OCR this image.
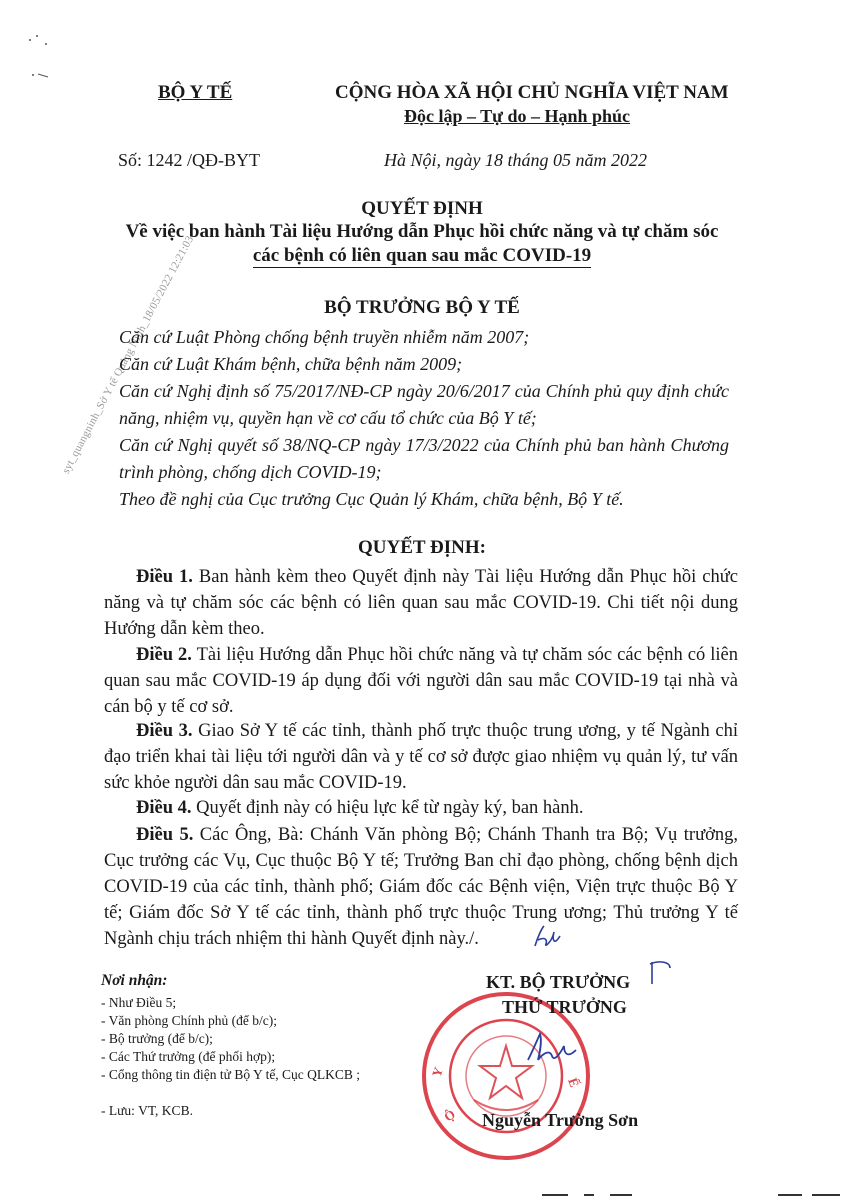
syt_quangninh_Sở Y tế Quảng Ninh_18/05/2022 12:21:03
BỘ Y TẾ	CỘNG HÒA XÃ HỘI CHỦ NGHĨA VIỆT NAM
Độc lập – Tự do – Hạnh phúc
Số: 1242 /QĐ-BYT	Hà Nội, ngày 18 tháng 05 năm 2022
QUYẾT ĐỊNH
Về việc ban hành Tài liệu Hướng dẫn Phục hồi chức năng và tự chăm sóc
các bệnh có liên quan sau mắc COVID-19
BỘ TRƯỞNG BỘ Y TẾ
Căn cứ Luật Phòng chống bệnh truyền nhiễm năm 2007;
Căn cứ Luật Khám bệnh, chữa bệnh năm 2009;
Căn cứ Nghị định số 75/2017/NĐ-CP ngày 20/6/2017 của Chính phủ quy định chức năng, nhiệm vụ, quyền hạn về cơ cấu tổ chức của Bộ Y tế;
Căn cứ Nghị quyết số 38/NQ-CP ngày 17/3/2022 của Chính phủ ban hành Chương trình phòng, chống dịch COVID-19;
Theo đề nghị của Cục trưởng Cục Quản lý Khám, chữa bệnh, Bộ Y tế.
QUYẾT ĐỊNH:
Điều 1. Ban hành kèm theo Quyết định này Tài liệu Hướng dẫn Phục hồi chức năng và tự chăm sóc các bệnh có liên quan sau mắc COVID-19. Chi tiết nội dung Hướng dẫn kèm theo.
Điều 2. Tài liệu Hướng dẫn Phục hồi chức năng và tự chăm sóc các bệnh có liên quan sau mắc COVID-19 áp dụng đối với người dân sau mắc COVID-19 tại nhà và cán bộ y tế cơ sở.
Điều 3. Giao Sở Y tế các tỉnh, thành phố trực thuộc trung ương, y tế Ngành chỉ đạo triển khai tài liệu tới người dân và y tế cơ sở được giao nhiệm vụ quản lý, tư vấn sức khỏe người dân sau mắc COVID-19.
Điều 4. Quyết định này có hiệu lực kể từ ngày ký, ban hành.
Điều 5. Các Ông, Bà: Chánh Văn phòng Bộ; Chánh Thanh tra Bộ; Vụ trưởng, Cục trưởng các Vụ, Cục thuộc Bộ Y tế; Trưởng Ban chỉ đạo phòng, chống bệnh dịch COVID-19 của các tỉnh, thành phố; Giám đốc các Bệnh viện, Viện trực thuộc Bộ Y tế; Giám đốc Sở Y tế các tỉnh, thành phố trực thuộc Trung ương; Thủ trưởng Y tế Ngành chịu trách nhiệm thi hành Quyết định này./.
Nơi nhận:
- Như Điều 5;
- Văn phòng Chính phủ (để b/c);
- Bộ trưởng (để b/c);
- Các Thứ trưởng (để phối hợp);
- Cổng thông tin điện tử Bộ Y tế, Cục QLKCB ;
- Lưu: VT, KCB.
Y
Ế
Ộ
KT. BỘ TRƯỞNG
THỨ TRƯỞNG
Nguyễn Trường Sơn
